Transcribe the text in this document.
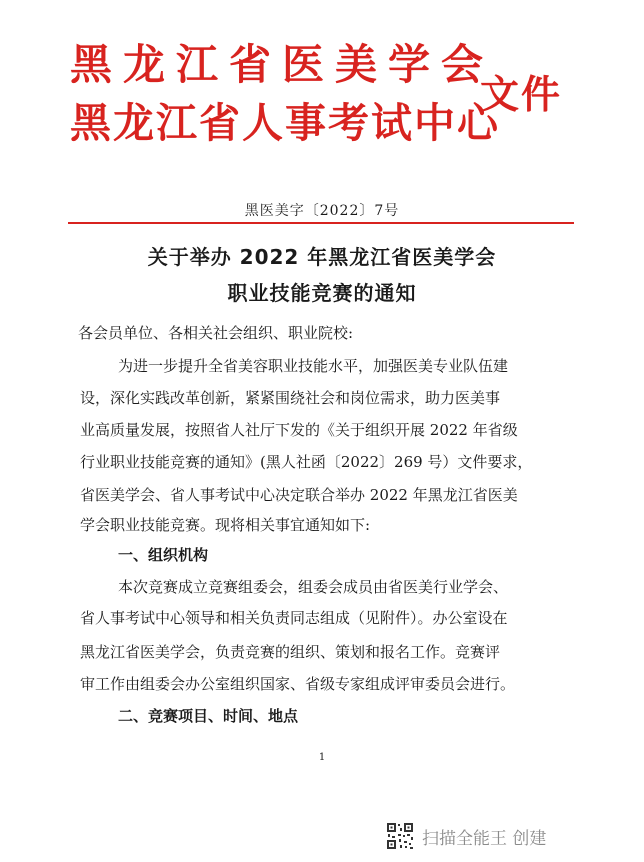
黑龙江省医美学会
黑龙江省人事考试中心
文件
黑医美字〔2022〕7号
关于举办 2022 年黑龙江省医美学会
职业技能竞赛的通知
各会员单位、各相关社会组织、职业院校:
为进一步提升全省美容职业技能水平，加强医美专业队伍建
设，深化实践改革创新，紧紧围绕社会和岗位需求，助力医美事
业高质量发展，按照省人社厅下发的《关于组织开展 2022 年省级
行业职业技能竞赛的通知》(黑人社函〔2022〕269 号）文件要求，
省医美学会、省人事考试中心决定联合举办 2022 年黑龙江省医美
学会职业技能竞赛。现将相关事宜通知如下:
一、组织机构
本次竞赛成立竞赛组委会，组委会成员由省医美行业学会、
省人事考试中心领导和相关负责同志组成（见附件）。办公室设在
黑龙江省医美学会，负责竞赛的组织、策划和报名工作。竞赛评
审工作由组委会办公室组织国家、省级专家组成评审委员会进行。
二、竞赛项目、时间、地点
1
扫描全能王 创建
